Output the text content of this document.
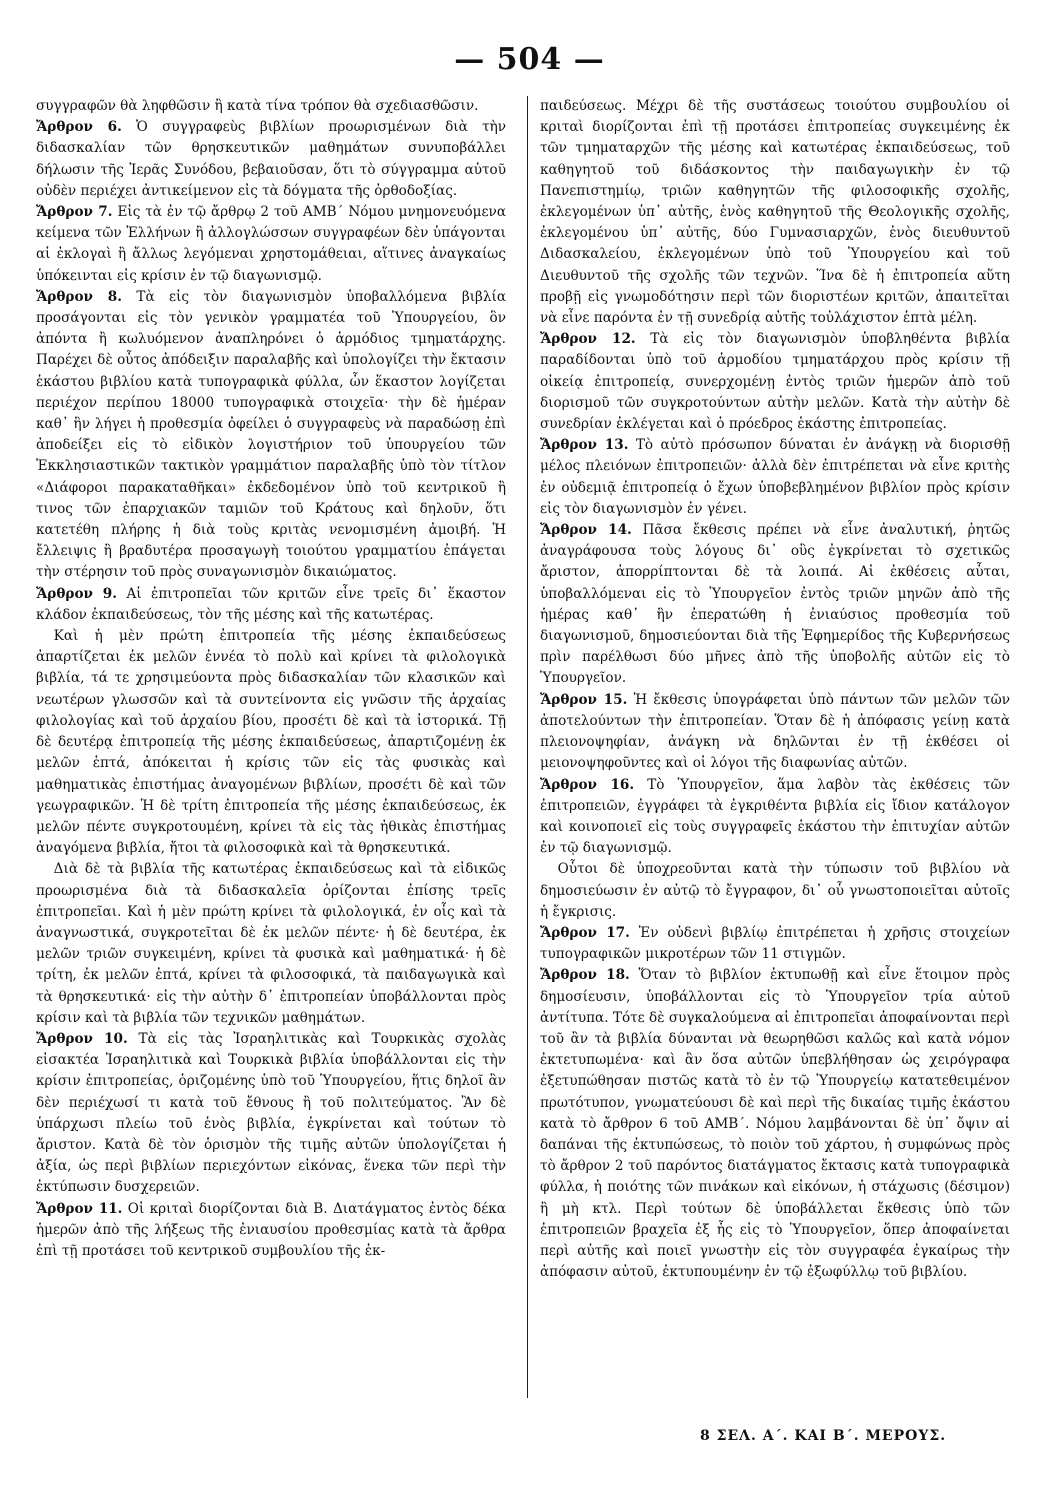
— 504 —

συγγραφῶν θὰ ληφθῶσιν ἢ κατὰ τίνα τρόπον θὰ σχεδιασθῶσιν.

Ἄρθρον 6. Ὁ συγγραφεὺς βιβλίων προωρισμένων διὰ τὴν διδασκαλίαν τῶν θρησκευτικῶν μαθημάτων συνυποβάλλει δήλωσιν τῆς Ἱερᾶς Συνόδου, βεβαιοῦσαν, ὅτι τὸ σύγγραμμα αὐτοῦ οὐδὲν περιέχει ἀντικείμενον εἰς τὰ δόγματα τῆς ὀρθοδοξίας.

Ἄρθρον 7. Εἰς τὰ ἐν τῷ ἄρθρῳ 2 τοῦ ΑΜΒ΄ Νόμου μνημονευόμενα κείμενα τῶν Ἑλλήνων ἢ ἀλλογλώσσων συγγραφέων δὲν ὑπάγονται αἱ ἐκλογαὶ ἢ ἄλλως λεγόμεναι χρηστομάθειαι, αἵτινες ἀναγκαίως ὑπόκεινται εἰς κρίσιν ἐν τῷ διαγωνισμῷ.

Ἄρθρον 8. Τὰ εἰς τὸν διαγωνισμὸν ὑποβαλλόμενα βιβλία προσάγονται εἰς τὸν γενικὸν γραμματέα τοῦ Ὑπουργείου, ὃν ἀπόντα ἢ κωλυόμενον ἀναπληρόνει ὁ ἁρμόδιος τμηματάρχης. Παρέχει δὲ οὗτος ἀπόδειξιν παραλαβῆς καὶ ὑπολογίζει τὴν ἔκτασιν ἑκάστου βιβλίου κατὰ τυπογραφικὰ φύλλα, ὧν ἕκαστον λογίζεται περιέχον περίπου 18000 τυπογραφικὰ στοιχεῖα· τὴν δὲ ἡμέραν καθ᾽ ἣν λήγει ἡ προθεσμία ὀφείλει ὁ συγγραφεὺς νὰ παραδώσῃ ἐπὶ ἀποδείξει εἰς τὸ εἰδικὸν λογιστήριον τοῦ ὑπουργείου τῶν Ἐκκλησιαστικῶν τακτικὸν γραμμάτιον παραλαβῆς ὑπὸ τὸν τίτλον «Διάφοροι παρακαταθῆκαι» ἐκδεδομένον ὑπὸ τοῦ κεντρικοῦ ἢ τινος τῶν ἐπαρχιακῶν ταμιῶν τοῦ Κράτους καὶ δηλοῦν, ὅτι κατετέθη πλήρης ἡ διὰ τοὺς κριτὰς νενομισμένη ἀμοιβή. Ἡ ἔλλειψις ἢ βραδυτέρα προσαγωγὴ τοιούτου γραμματίου ἐπάγεται τὴν στέρησιν τοῦ πρὸς συναγωνισμὸν δικαιώματος.

Ἄρθρον 9. Αἱ ἐπιτροπεῖαι τῶν κριτῶν εἶνε τρεῖς δι᾽ ἕκαστον κλάδον ἐκπαιδεύσεως, τὸν τῆς μέσης καὶ τῆς κατωτέρας.

Καὶ ἡ μὲν πρώτη ἐπιτροπεία τῆς μέσης ἐκπαιδεύσεως ἀπαρτίζεται ἐκ μελῶν ἐννέα τὸ πολὺ καὶ κρίνει τὰ φιλολογικὰ βιβλία, τά τε χρησιμεύοντα πρὸς διδασκαλίαν τῶν κλασικῶν καὶ νεωτέρων γλωσσῶν καὶ τὰ συντείνοντα εἰς γνῶσιν τῆς ἀρχαίας φιλολογίας καὶ τοῦ ἀρχαίου βίου, προσέτι δὲ καὶ τὰ ἱστορικά. Τῇ δὲ δευτέρᾳ ἐπιτροπείᾳ τῆς μέσης ἐκπαιδεύσεως, ἀπαρτιζομένῃ ἐκ μελῶν ἑπτά, ἀπόκειται ἡ κρίσις τῶν εἰς τὰς φυσικὰς καὶ μαθηματικὰς ἐπιστήμας ἀναγομένων βιβλίων, προσέτι δὲ καὶ τῶν γεωγραφικῶν. Ἡ δὲ τρίτη ἐπιτροπεία τῆς μέσης ἐκπαιδεύσεως, ἐκ μελῶν πέντε συγκροτουμένη, κρίνει τὰ εἰς τὰς ἠθικὰς ἐπιστήμας ἀναγόμενα βιβλία, ἤτοι τὰ φιλοσοφικὰ καὶ τὰ θρησκευτικά.

Διὰ δὲ τὰ βιβλία τῆς κατωτέρας ἐκπαιδεύσεως καὶ τὰ εἰδικῶς προωρισμένα διὰ τὰ διδασκαλεῖα ὁρίζονται ἐπίσης τρεῖς ἐπιτροπεῖαι. Καὶ ἡ μὲν πρώτη κρίνει τὰ φιλολογικά, ἐν οἷς καὶ τὰ ἀναγνωστικά, συγκροτεῖται δὲ ἐκ μελῶν πέντε· ἡ δὲ δευτέρα, ἐκ μελῶν τριῶν συγκειμένη, κρίνει τὰ φυσικὰ καὶ μαθηματικά· ἡ δὲ τρίτη, ἐκ μελῶν ἑπτά, κρίνει τὰ φιλοσοφικά, τὰ παιδαγωγικὰ καὶ τὰ θρησκευτικά· εἰς τὴν αὐτὴν δ᾽ ἐπιτροπείαν ὑποβάλλονται πρὸς κρίσιν καὶ τὰ βιβλία τῶν τεχνικῶν μαθημάτων.

Ἄρθρον 10. Τὰ εἰς τὰς Ἰσραηλιτικὰς καὶ Τουρκικὰς σχολὰς εἰσακτέα Ἰσραηλιτικὰ καὶ Τουρκικὰ βιβλία ὑποβάλλονται εἰς τὴν κρίσιν ἐπιτροπείας, ὁριζομένης ὑπὸ τοῦ Ὑπουργείου, ἥτις δηλοῖ ἂν δὲν περιέχωσί τι κατὰ τοῦ ἔθνους ἢ τοῦ πολιτεύματος. Ἂν δὲ ὑπάρχωσι πλείω τοῦ ἑνὸς βιβλία, ἐγκρίνεται καὶ τούτων τὸ ἄριστον. Κατὰ δὲ τὸν ὁρισμὸν τῆς τιμῆς αὐτῶν ὑπολογίζεται ἡ ἀξία, ὡς περὶ βιβλίων περιεχόντων εἰκόνας, ἕνεκα τῶν περὶ τὴν ἐκτύπωσιν δυσχερειῶν.

Ἄρθρον 11. Οἱ κριταὶ διορίζονται διὰ Β. Διατάγματος ἐντὸς δέκα ἡμερῶν ἀπὸ τῆς λήξεως τῆς ἐνιαυσίου προθεσμίας κατὰ τὰ ἄρθρα ἐπὶ τῇ προτάσει τοῦ κεντρικοῦ συμβουλίου τῆς ἐκ-

παιδεύσεως. Μέχρι δὲ τῆς συστάσεως τοιούτου συμβουλίου οἱ κριταὶ διορίζονται ἐπὶ τῇ προτάσει ἐπιτροπείας συγκειμένης ἐκ τῶν τμηματαρχῶν τῆς μέσης καὶ κατωτέρας ἐκπαιδεύσεως, τοῦ καθηγητοῦ τοῦ διδάσκοντος τὴν παιδαγωγικὴν ἐν τῷ Πανεπιστημίῳ, τριῶν καθηγητῶν τῆς φιλοσοφικῆς σχολῆς, ἐκλεγομένων ὑπ᾽ αὐτῆς, ἑνὸς καθηγητοῦ τῆς Θεολογικῆς σχολῆς, ἐκλεγομένου ὑπ᾽ αὐτῆς, δύο Γυμνασιαρχῶν, ἑνὸς διευθυντοῦ Διδασκαλείου, ἐκλεγομένων ὑπὸ τοῦ Ὑπουργείου καὶ τοῦ Διευθυντοῦ τῆς σχολῆς τῶν τεχνῶν. Ἵνα δὲ ἡ ἐπιτροπεία αὕτη προβῇ εἰς γνωμοδότησιν περὶ τῶν διοριστέων κριτῶν, ἀπαιτεῖται νὰ εἶνε παρόντα ἐν τῇ συνεδρίᾳ αὐτῆς τοὐλάχιστον ἑπτὰ μέλη.

Ἄρθρον 12. Τὰ εἰς τὸν διαγωνισμὸν ὑποβληθέντα βιβλία παραδίδονται ὑπὸ τοῦ ἁρμοδίου τμηματάρχου πρὸς κρίσιν τῇ οἰκείᾳ ἐπιτροπείᾳ, συνερχομένῃ ἐντὸς τριῶν ἡμερῶν ἀπὸ τοῦ διορισμοῦ τῶν συγκροτούντων αὐτὴν μελῶν. Κατὰ τὴν αὐτὴν δὲ συνεδρίαν ἐκλέγεται καὶ ὁ πρόεδρος ἑκάστης ἐπιτροπείας.

Ἄρθρον 13. Τὸ αὐτὸ πρόσωπον δύναται ἐν ἀνάγκῃ νὰ διορισθῇ μέλος πλειόνων ἐπιτροπειῶν· ἀλλὰ δὲν ἐπιτρέπεται νὰ εἶνε κριτὴς ἐν οὐδεμιᾷ ἐπιτροπείᾳ ὁ ἔχων ὑποβεβλημένον βιβλίον πρὸς κρίσιν εἰς τὸν διαγωνισμὸν ἐν γένει.

Ἄρθρον 14. Πᾶσα ἔκθεσις πρέπει νὰ εἶνε ἀναλυτική, ῥητῶς ἀναγράφουσα τοὺς λόγους δι᾽ οὓς ἐγκρίνεται τὸ σχετικῶς ἄριστον, ἀπορρίπτονται δὲ τὰ λοιπά. Αἱ ἐκθέσεις αὗται, ὑποβαλλόμεναι εἰς τὸ Ὑπουργεῖον ἐντὸς τριῶν μηνῶν ἀπὸ τῆς ἡμέρας καθ᾽ ἣν ἐπερατώθη ἡ ἐνιαύσιος προθεσμία τοῦ διαγωνισμοῦ, δημοσιεύονται διὰ τῆς Ἐφημερίδος τῆς Κυβερνήσεως πρὶν παρέλθωσι δύο μῆνες ἀπὸ τῆς ὑποβολῆς αὐτῶν εἰς τὸ Ὑπουργεῖον.

Ἄρθρον 15. Ἡ ἔκθεσις ὑπογράφεται ὑπὸ πάντων τῶν μελῶν τῶν ἀποτελούντων τὴν ἐπιτροπείαν. Ὅταν δὲ ἡ ἀπόφασις γείνῃ κατὰ πλειονοψηφίαν, ἀνάγκη νὰ δηλῶνται ἐν τῇ ἐκθέσει οἱ μειονοψηφοῦντες καὶ οἱ λόγοι τῆς διαφωνίας αὐτῶν.

Ἄρθρον 16. Τὸ Ὑπουργεῖον, ἅμα λαβὸν τὰς ἐκθέσεις τῶν ἐπιτροπειῶν, ἐγγράφει τὰ ἐγκριθέντα βιβλία εἰς ἴδιον κατάλογον καὶ κοινοποιεῖ εἰς τοὺς συγγραφεῖς ἑκάστου τὴν ἐπιτυχίαν αὐτῶν ἐν τῷ διαγωνισμῷ.

Οὗτοι δὲ ὑποχρεοῦνται κατὰ τὴν τύπωσιν τοῦ βιβλίου νὰ δημοσιεύωσιν ἐν αὐτῷ τὸ ἔγγραφον, δι᾽ οὗ γνωστοποιεῖται αὐτοῖς ἡ ἔγκρισις.

Ἄρθρον 17. Ἐν οὐδενὶ βιβλίῳ ἐπιτρέπεται ἡ χρῆσις στοιχείων τυπογραφικῶν μικροτέρων τῶν 11 στιγμῶν.

Ἄρθρον 18. Ὅταν τὸ βιβλίον ἐκτυπωθῇ καὶ εἶνε ἕτοιμον πρὸς δημοσίευσιν, ὑποβάλλονται εἰς τὸ Ὑπουργεῖον τρία αὐτοῦ ἀντίτυπα. Τότε δὲ συγκαλούμενα αἱ ἐπιτροπεῖαι ἀποφαίνονται περὶ τοῦ ἂν τὰ βιβλία δύνανται νὰ θεωρηθῶσι καλῶς καὶ κατὰ νόμον ἐκτετυπωμένα· καὶ ἂν ὅσα αὐτῶν ὑπεβλήθησαν ὡς χειρόγραφα ἐξετυπώθησαν πιστῶς κατὰ τὸ ἐν τῷ Ὑπουργείῳ κατατεθειμένον πρωτότυπον, γνωματεύουσι δὲ καὶ περὶ τῆς δικαίας τιμῆς ἑκάστου κατὰ τὸ ἄρθρον 6 τοῦ ΑΜΒ΄. Νόμου λαμβάνονται δὲ ὑπ᾽ ὄψιν αἱ δαπάναι τῆς ἐκτυπώσεως, τὸ ποιὸν τοῦ χάρτου, ἡ συμφώνως πρὸς τὸ ἄρθρον 2 τοῦ παρόντος διατάγματος ἔκτασις κατὰ τυπογραφικὰ φύλλα, ἡ ποιότης τῶν πινάκων καὶ εἰκόνων, ἡ στάχωσις (δέσιμον) ἢ μὴ κτλ. Περὶ τούτων δὲ ὑποβάλλεται ἔκθεσις ὑπὸ τῶν ἐπιτροπειῶν βραχεῖα ἐξ ἧς εἰς τὸ Ὑπουργεῖον, ὅπερ ἀποφαίνεται περὶ αὐτῆς καὶ ποιεῖ γνωστὴν εἰς τὸν συγγραφέα ἐγκαίρως τὴν ἀπόφασιν αὐτοῦ, ἐκτυπουμένην ἐν τῷ ἐξωφύλλῳ τοῦ βιβλίου.

8 ΣΕΛ. Α΄. ΚΑΙ Β΄. ΜΕΡΟΥΣ.
